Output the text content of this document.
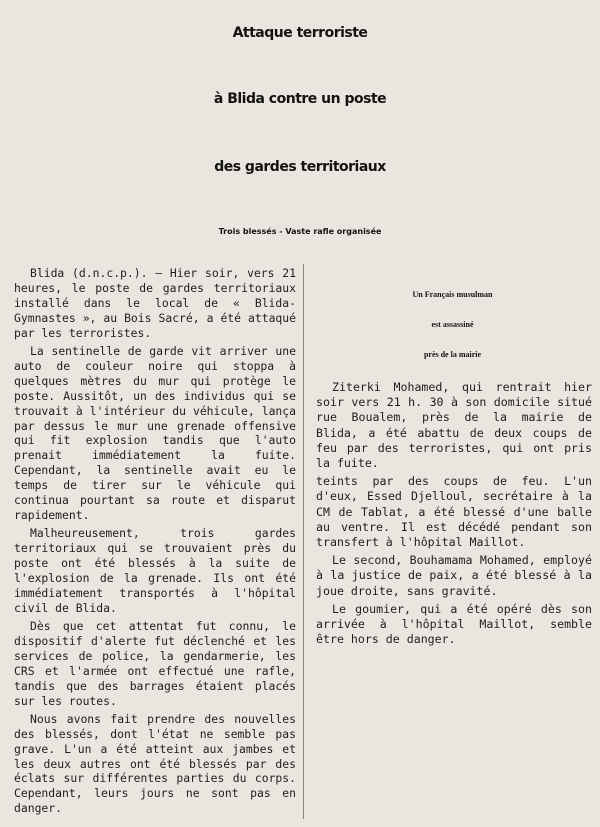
Attaque terroriste
à Blida contre un poste
des gardes territoriaux
Trois blessés - Vaste rafle organisée

Blida (d.n.c.p.). — Hier soir, vers 21 heures, le poste de gardes territoriaux installé dans le local de « Blida-Gymnastes », au Bois Sacré, a été attaqué par les terroristes.

La sentinelle de garde vit arriver une auto de couleur noire qui stoppa à quelques mètres du mur qui protège le poste. Aussitôt, un des individus qui se trouvait à l'intérieur du véhicule, lança par dessus le mur une grenade offensive qui fit explosion tandis que l'auto prenait immédiatement la fuite. Cependant, la sentinelle avait eu le temps de tirer sur le véhicule qui continua pourtant sa route et disparut rapidement.

Malheureusement, trois gardes territoriaux qui se trouvaient près du poste ont été blessés à la suite de l'explosion de la grenade. Ils ont été immédiatement transportés à l'hôpital civil de Blida.

Dès que cet attentat fut connu, le dispositif d'alerte fut déclenché et les services de police, la gendarmerie, les CRS et l'armée ont effectué une rafle, tandis que des barrages étaient placés sur les routes.

Nous avons fait prendre des nouvelles des blessés, dont l'état ne semble pas grave. L'un a été atteint aux jambes et les deux autres ont été blessés par des éclats sur différentes parties du corps. Cependant, leurs jours ne sont pas en danger.

Un Français musulman
est assassiné
près de la mairie

Ziterki Mohamed, qui rentrait hier soir vers 21 h. 30 à son domicile situé rue Boualem, près de la mairie de Blida, a été abattu de deux coups de feu par des terroristes, qui ont pris la fuite.

teints par des coups de feu. L'un d'eux, Essed Djelloul, secrétaire à la CM de Tablat, a été blessé d'une balle au ventre. Il est décédé pendant son transfert à l'hôpital Maillot.

Le second, Bouhamama Mohamed, employé à la justice de paix, a été blessé à la joue droite, sans gravité.

Le goumier, qui a été opéré dès son arrivée à l'hôpital Maillot, semble être hors de danger.
